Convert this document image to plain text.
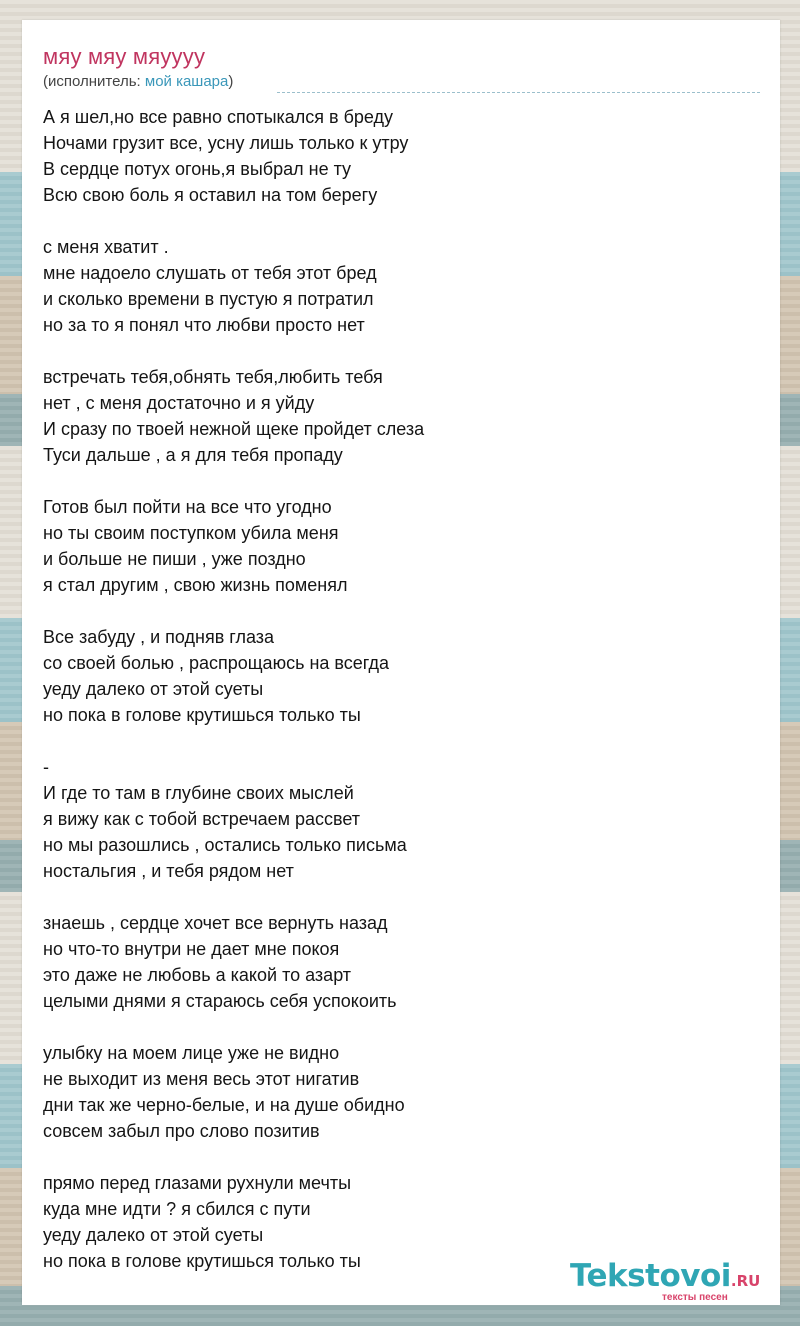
мяу мяу мяуууу
(исполнитель: мой кашара)
А я шел,но все равно спотыкался в бреду
Ночами грузит все, усну лишь только к утру
В сердце потух огонь,я выбрал не ту
Всю свою боль я оставил на том берегу
с меня хватит .
мне надоело слушать от тебя этот бред
и сколько времени в пустую я потратил
но за то я понял что любви просто нет
встречать тебя,обнять тебя,любить тебя
нет , с меня достаточно и я уйду
И сразу по твоей нежной щеке пройдет слеза
Туси дальше , а я для тебя пропаду
Готов был пойти на все что угодно
но ты своим поступком убила меня
и больше не пиши , уже поздно
я стал другим , свою жизнь поменял
Все забуду , и подняв глаза
со своей болью , распрощаюсь на всегда
уеду далеко от этой суеты
но пока в голове крутишься только ты
-
И где то там в глубине своих мыслей
я вижу как с тобой встречаем рассвет
но мы разошлись , остались только письма
ностальгия , и тебя рядом нет
знаешь , сердце хочет все вернуть назад
но что-то внутри не дает мне покоя
это даже не любовь а какой то азарт
целыми днями я стараюсь себя успокоить
улыбку на моем лице уже не видно
не выходит из меня весь этот нигатив
дни так же черно-белые, и на душе обидно
совсем забыл про слово позитив
прямо перед глазами рухнули мечты
куда мне идти ? я сбился с пути
уеду далеко от этой суеты
но пока в голове крутишься только ты	Tekstovoi.RU
тексты песен
